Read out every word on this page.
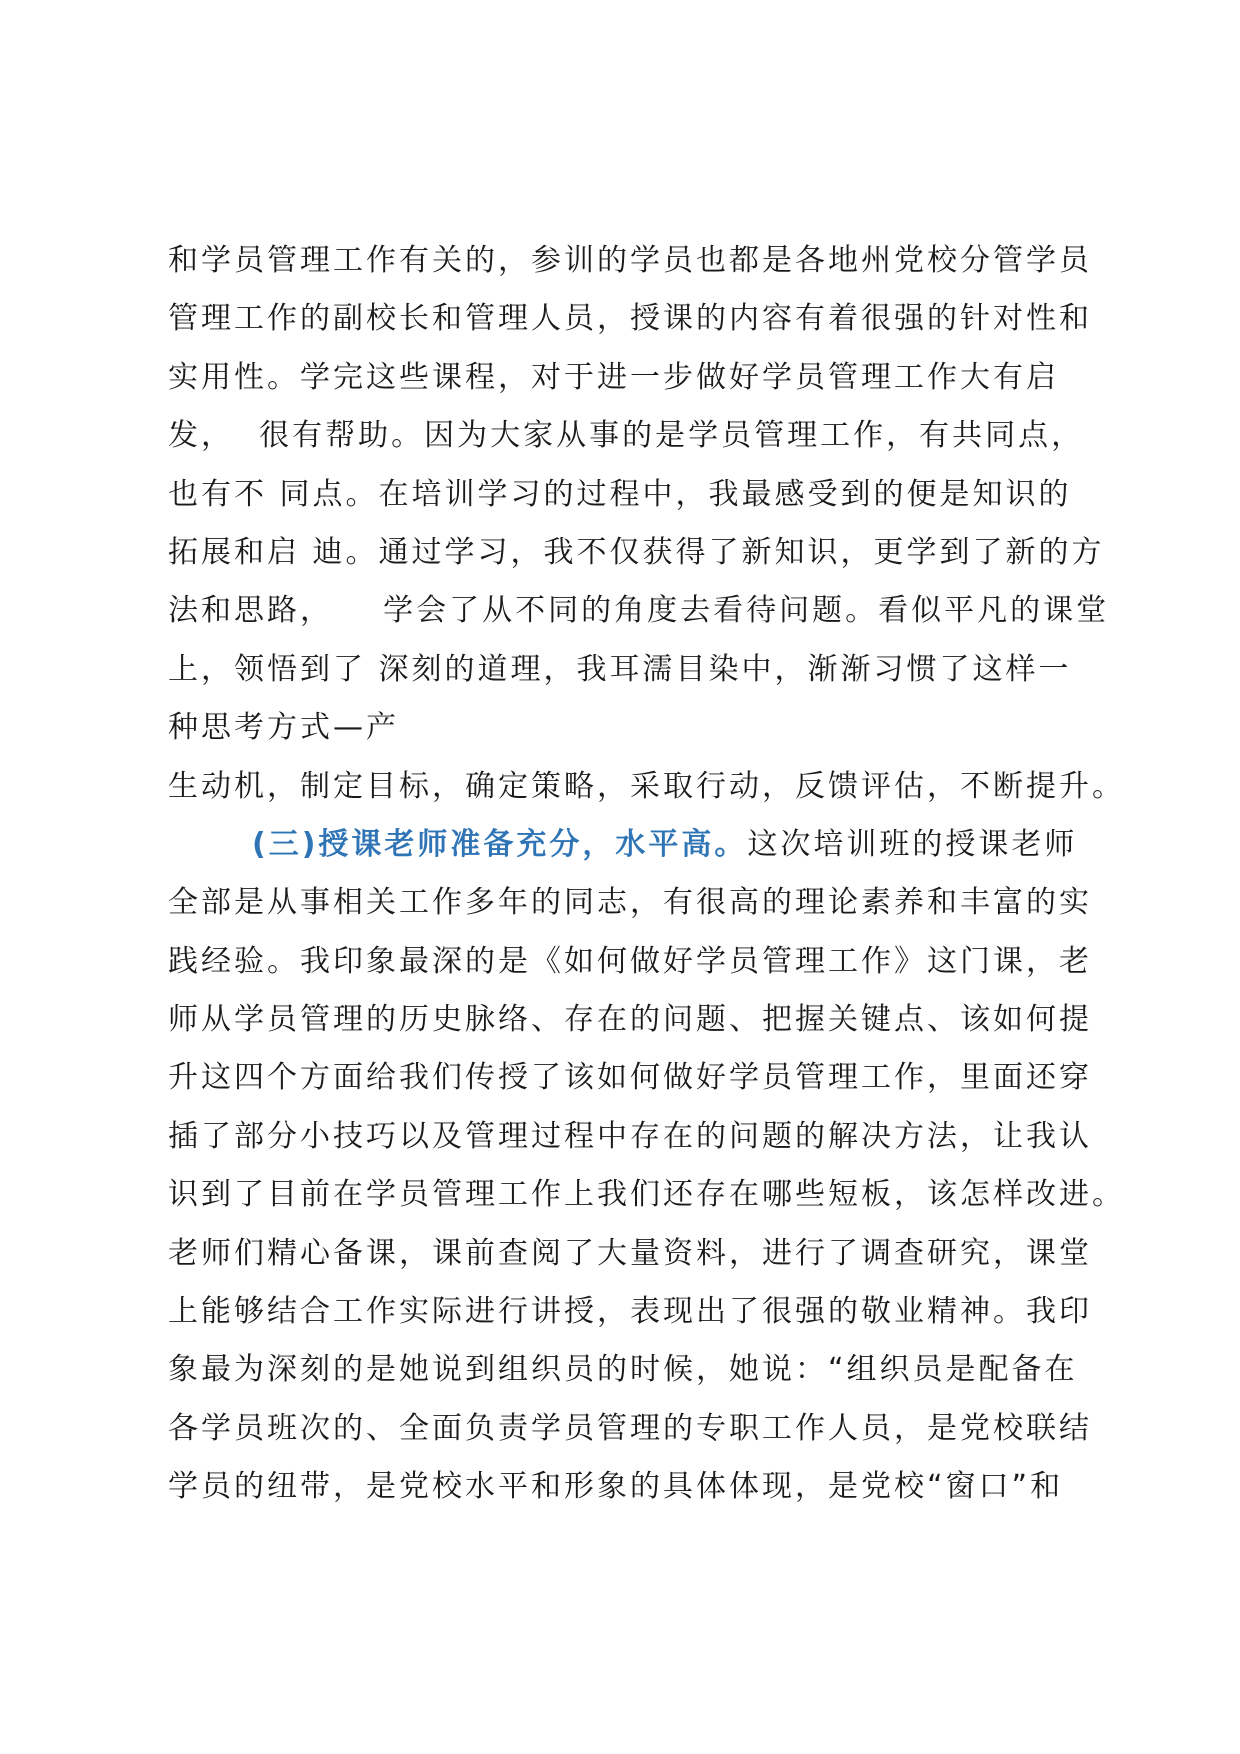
和学员管理工作有关的，参训的学员也都是各地州党校分管学员
管理工作的副校长和管理人员，授课的内容有着很强的针对性和
实用性。学完这些课程，对于进一步做好学员管理工作大有启
发，  很有帮助。因为大家从事的是学员管理工作，有共同点，
也有不 同点。在培训学习的过程中，我最感受到的便是知识的
拓展和启 迪。通过学习，我不仅获得了新知识，更学到了新的方
法和思路，    学会了从不同的角度去看待问题。看似平凡的课堂
上，领悟到了 深刻的道理，我耳濡目染中，渐渐习惯了这样一
种思考方式—产
生动机，制定目标，确定策略，采取行动，反馈评估，不断提升。
(三)授课老师准备充分，水平高。这次培训班的授课老师
全部是从事相关工作多年的同志，有很高的理论素养和丰富的实
践经验。我印象最深的是《如何做好学员管理工作》这门课，老
师从学员管理的历史脉络、存在的问题、把握关键点、该如何提
升这四个方面给我们传授了该如何做好学员管理工作，里面还穿
插了部分小技巧以及管理过程中存在的问题的解决方法，让我认
识到了目前在学员管理工作上我们还存在哪些短板，该怎样改进。
老师们精心备课，课前查阅了大量资料，进行了调查研究，课堂
上能够结合工作实际进行讲授，表现出了很强的敬业精神。我印
象最为深刻的是她说到组织员的时候，她说：“组织员是配备在
各学员班次的、全面负责学员管理的专职工作人员，是党校联结
学员的纽带，是党校水平和形象的具体体现，是党校“窗口”和
